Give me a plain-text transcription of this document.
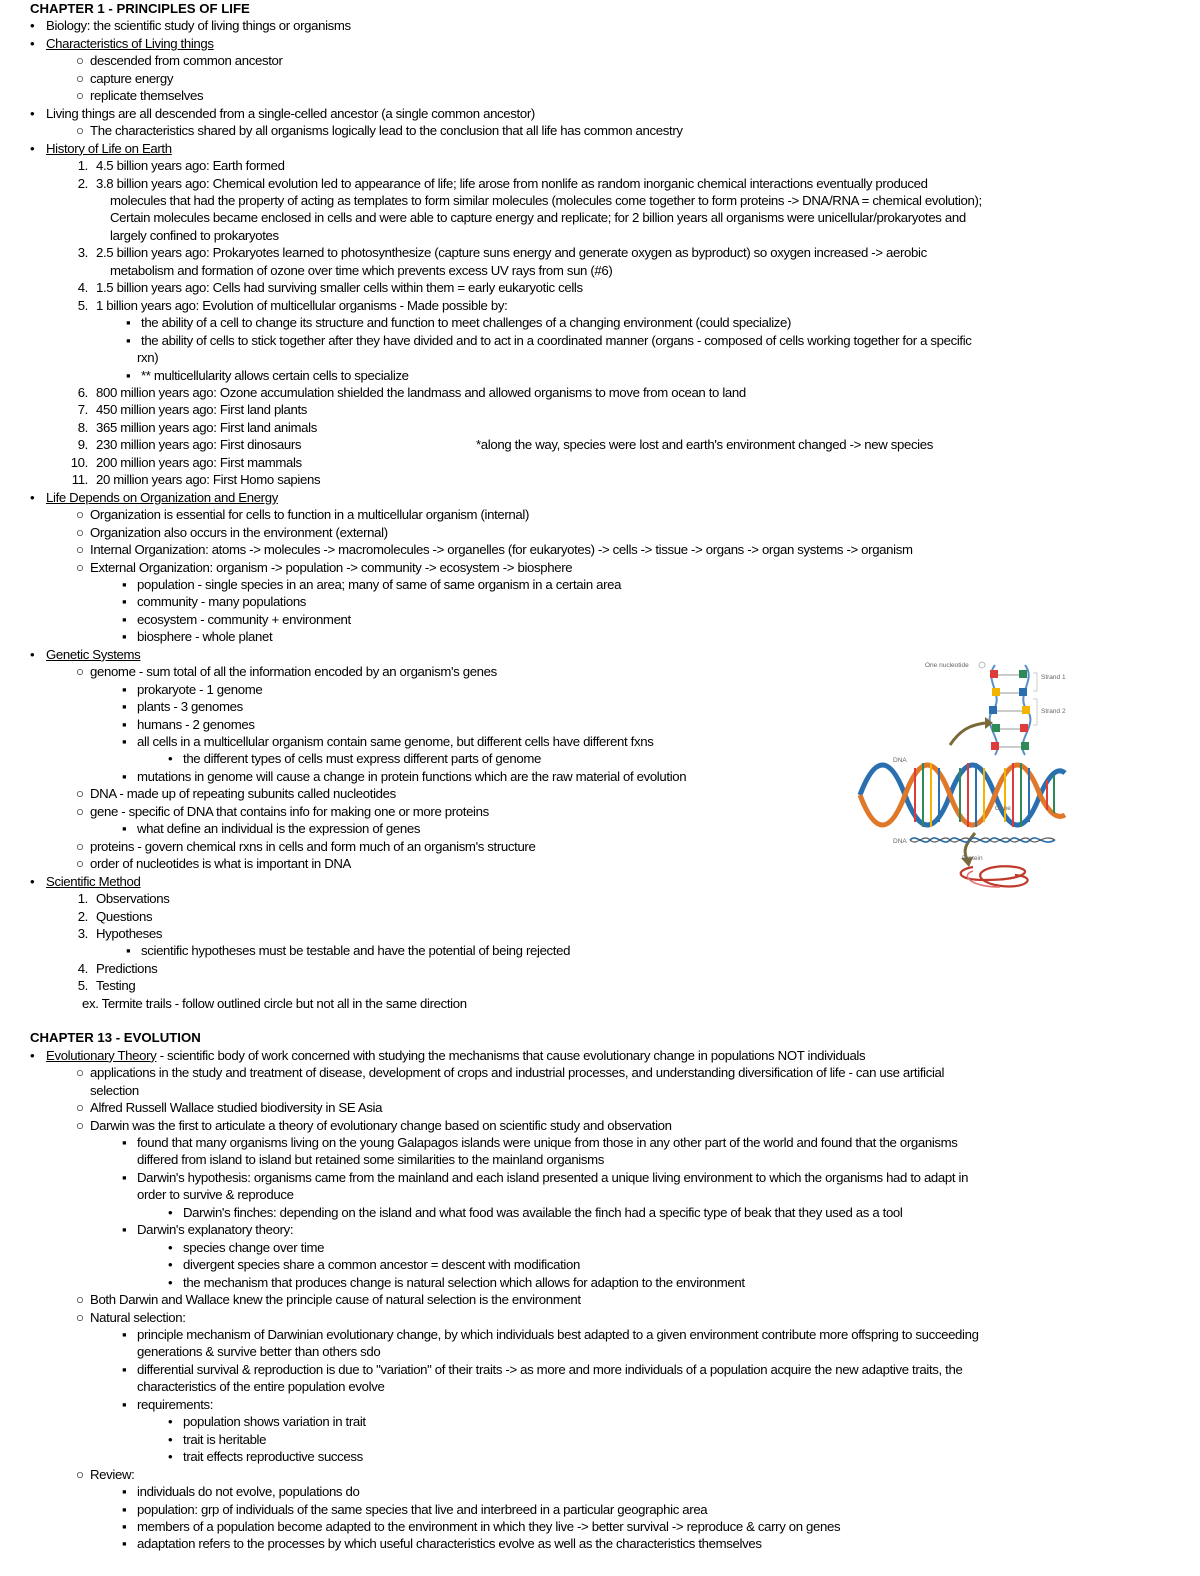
CHAPTER 1 - PRINCIPLES OF LIFE
• Biology: the scientific study of living things or organisms
• Characteristics of Living things
○ descended from common ancestor
○ capture energy
○ replicate themselves
• Living things are all descended from a single-celled ancestor (a single common ancestor)
○ The characteristics shared by all organisms logically lead to the conclusion that all life has common ancestry
• History of Life on Earth
1. 4.5 billion years ago: Earth formed
2. 3.8 billion years ago: Chemical evolution led to appearance of life; life arose from nonlife as random inorganic chemical interactions eventually produced
molecules that had the property of acting as templates to form similar molecules (molecules come together to form proteins -> DNA/RNA = chemical evolution);
Certain molecules became enclosed in cells and were able to capture energy and replicate; for 2 billion years all organisms were unicellular/prokaryotes and
largely confined to prokaryotes
3. 2.5 billion years ago: Prokaryotes learned to photosynthesize (capture suns energy and generate oxygen as byproduct) so oxygen increased -> aerobic
metabolism and formation of ozone over time which prevents excess UV rays from sun (#6)
4. 1.5 billion years ago: Cells had surviving smaller cells within them = early eukaryotic cells
5. 1 billion years ago: Evolution of multicellular organisms - Made possible by:
▪ the ability of a cell to change its structure and function to meet challenges of a changing environment (could specialize)
▪ the ability of cells to stick together after they have divided and to act in a coordinated manner (organs - composed of cells working together for a specific
rxn)
▪ ** multicellularity allows certain cells to specialize
6. 800 million years ago: Ozone accumulation shielded the landmass and allowed organisms to move from ocean to land
7. 450 million years ago: First land plants
8. 365 million years ago: First land animals
9. 230 million years ago: First dinosaurs	*along the way, species were lost and earth's environment changed -> new species
10. 200 million years ago: First mammals
11. 20 million years ago: First Homo sapiens
• Life Depends on Organization and Energy
○ Organization is essential for cells to function in a multicellular organism (internal)
○ Organization also occurs in the environment (external)
○ Internal Organization: atoms -> molecules -> macromolecules -> organelles (for eukaryotes) -> cells -> tissue -> organs -> organ systems -> organism
○ External Organization: organism -> population -> community -> ecosystem -> biosphere
▪ population - single species in an area; many of same of same organism in a certain area
▪ community - many populations
▪ ecosystem - community + environment
▪ biosphere - whole planet
• Genetic Systems
○ genome - sum total of all the information encoded by an organism's genes
▪ prokaryote - 1 genome
▪ plants - 3 genomes
▪ humans - 2 genomes
▪ all cells in a multicellular organism contain same genome, but different cells have different fxns
• the different types of cells must express different parts of genome
▪ mutations in genome will cause a change in protein functions which are the raw material of evolution
○ DNA - made up of repeating subunits called nucleotides
○ gene - specific of DNA that contains info for making one or more proteins
▪ what define an individual is the expression of genes
○ proteins - govern chemical rxns in cells and form much of an organism's structure
○ order of nucleotides is what is important in DNA
• Scientific Method
1. Observations
2. Questions
3. Hypotheses
▪ scientific hypotheses must be testable and have the potential of being rejected
4. Predictions
5. Testing
ex. Termite trails - follow outlined circle but not all in the same direction
CHAPTER 13 - EVOLUTION
• Evolutionary Theory - scientific body of work concerned with studying the mechanisms that cause evolutionary change in populations NOT individuals
○ applications in the study and treatment of disease, development of crops and industrial processes, and understanding diversification of life - can use artificial
selection
○ Alfred Russell Wallace studied biodiversity in SE Asia
○ Darwin was the first to articulate a theory of evolutionary change based on scientific study and observation
▪ found that many organisms living on the young Galapagos islands were unique from those in any other part of the world and found that the organisms
differed from island to island but retained some similarities to the mainland organisms
▪ Darwin's hypothesis: organisms came from the mainland and each island presented a unique living environment to which the organisms had to adapt in
order to survive & reproduce
• Darwin's finches: depending on the island and what food was available the finch had a specific type of beak that they used as a tool
▪ Darwin's explanatory theory:
• species change over time
• divergent species share a common ancestor = descent with modification
• the mechanism that produces change is natural selection which allows for adaption to the environment
○ Both Darwin and Wallace knew the principle cause of natural selection is the environment
○ Natural selection:
▪ principle mechanism of Darwinian evolutionary change, by which individuals best adapted to a given environment contribute more offspring to succeeding
generations & survive better than others sdo
▪ differential survival & reproduction is due to "variation" of their traits -> as more and more individuals of a population acquire the new adaptive traits, the
characteristics of the entire population evolve
▪ requirements:
• population shows variation in trait
• trait is heritable
• trait effects reproductive success
○ Review:
▪ individuals do not evolve, populations do
▪ population: grp of individuals of the same species that live and interbreed in a particular geographic area
▪ members of a population become adapted to the environment in which they live -> better survival -> reproduce & carry on genes
▪ adaptation refers to the processes by which useful characteristics evolve as well as the characteristics themselves
One nucleotide
Strand 1
Strand 2
DNA
DNA
Gene
Protein
